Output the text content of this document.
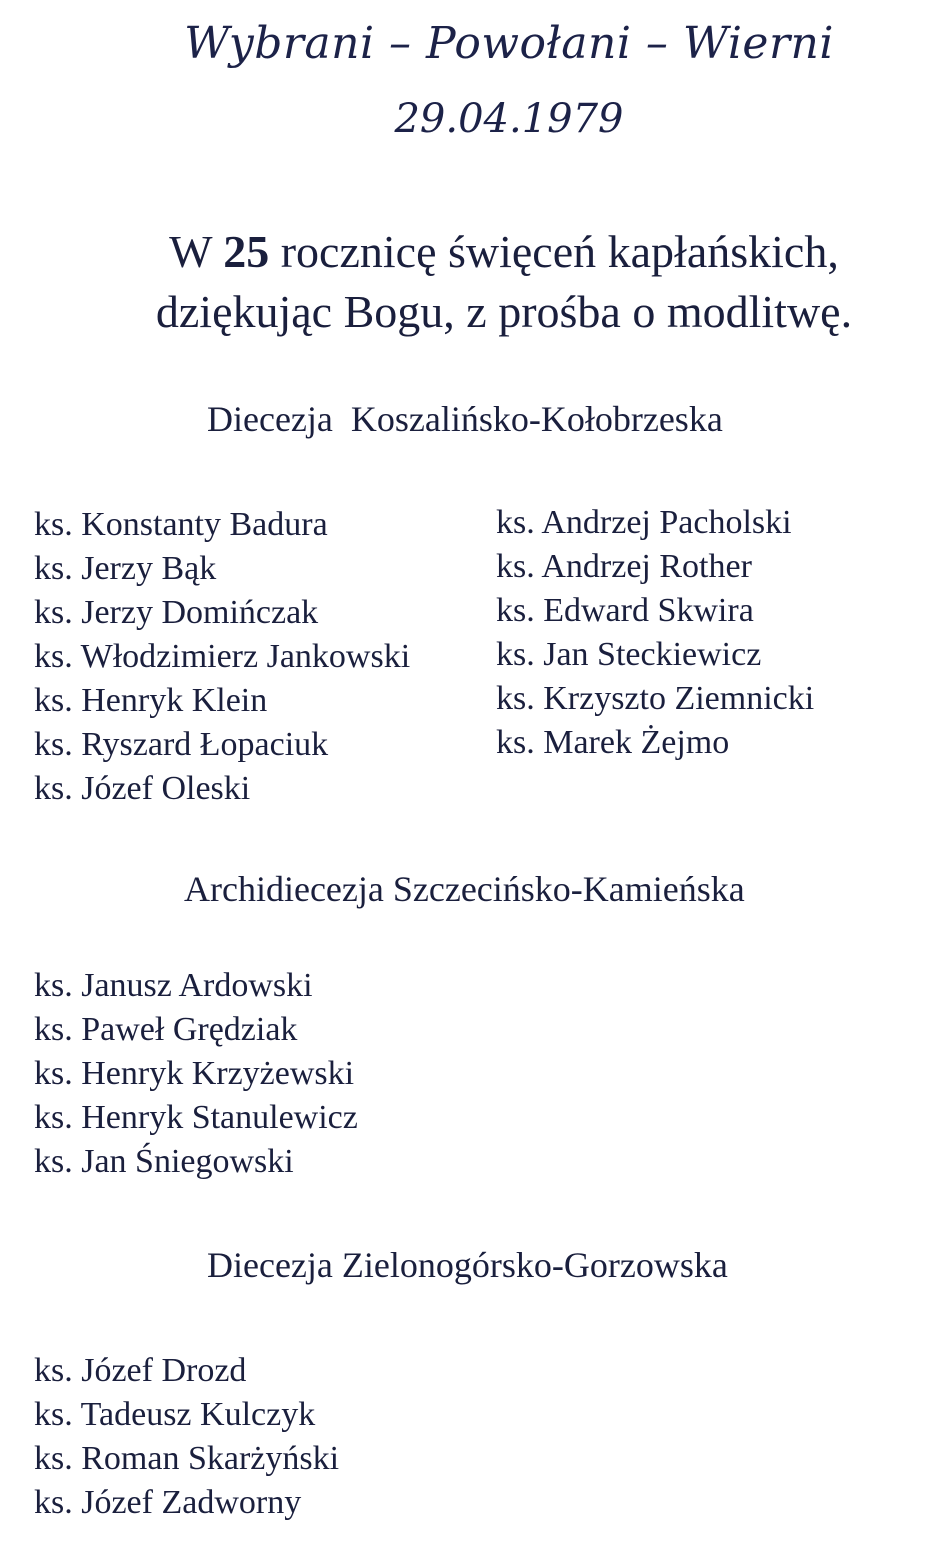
Wybrani – Powołani – Wierni
29.04.1979
W 25 rocznicę święceń kapłańskich,
dziękując Bogu, z prośba o modlitwę.
Diecezja  Koszalińsko-Kołobrzeska
ks. Konstanty Badura
ks. Jerzy Bąk
ks. Jerzy Domińczak
ks. Włodzimierz Jankowski
ks. Henryk Klein
ks. Ryszard Łopaciuk
ks. Józef Oleski
ks. Andrzej Pacholski
ks. Andrzej Rother
ks. Edward Skwira
ks. Jan Steckiewicz
ks. Krzyszto Ziemnicki
ks. Marek Żejmo
Archidiecezja Szczecińsko-Kamieńska
ks. Janusz Ardowski
ks. Paweł Grędziak
ks. Henryk Krzyżewski
ks. Henryk Stanulewicz
ks. Jan Śniegowski
Diecezja Zielonogórsko-Gorzowska
ks. Józef Drozd
ks. Tadeusz Kulczyk
ks. Roman Skarżyński
ks. Józef Zadworny
